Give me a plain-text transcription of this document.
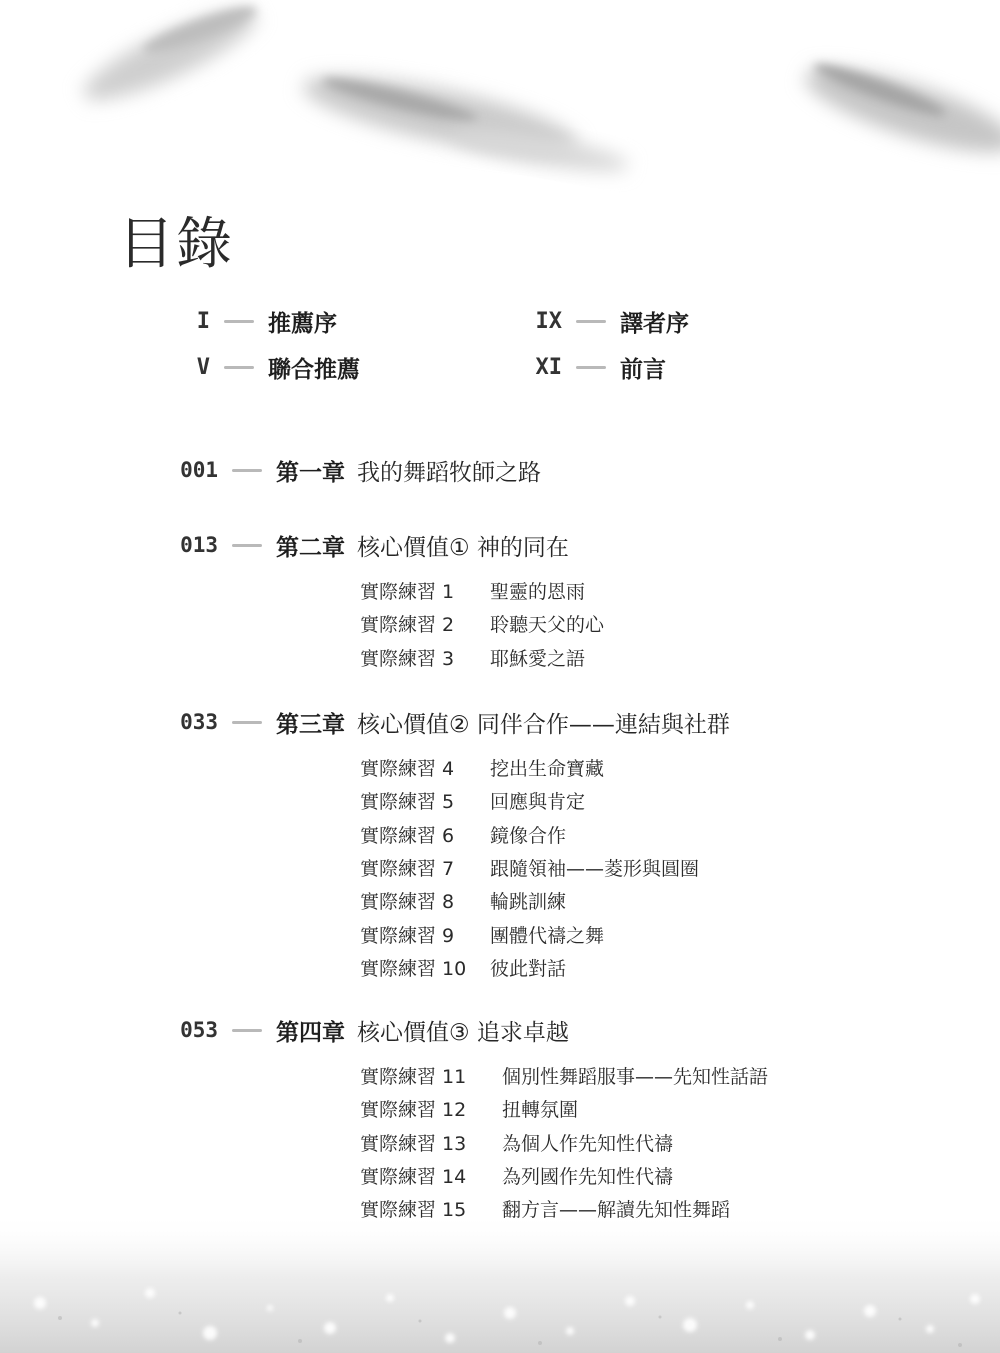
目錄
I	推薦序
V	聯合推薦
IX	譯者序
XI	前言
001	第一章 我的舞蹈牧師之路
013	第二章 核心價值① 神的同在
實際練習 1	聖靈的恩雨
實際練習 2	聆聽天父的心
實際練習 3	耶穌愛之語
033	第三章 核心價值② 同伴合作——連結與社群
實際練習 4	挖出生命寶藏
實際練習 5	回應與肯定
實際練習 6	鏡像合作
實際練習 7	跟隨領袖——菱形與圓圈
實際練習 8	輪跳訓練
實際練習 9	團體代禱之舞
實際練習 10	彼此對話
053	第四章 核心價值③ 追求卓越
實際練習 11	個別性舞蹈服事——先知性話語
實際練習 12	扭轉氛圍
實際練習 13	為個人作先知性代禱
實際練習 14	為列國作先知性代禱
實際練習 15	翻方言——解讀先知性舞蹈
